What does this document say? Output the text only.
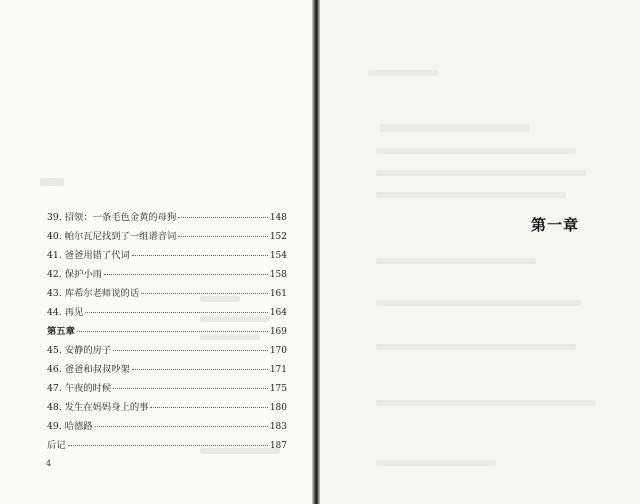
39. 招领：一条毛色金黄的母狗	148
40. 帕尔瓦尼找到了一组谱音词	152
41. 爸爸用错了代词	154
42. 保护小雨	158
43. 库希尔老师说的话	161
44. 再见	164
第五章	169
45. 安静的房子	170
46. 爸爸和叔叔吵架	171
47. 午夜的时候	175
48. 发生在妈妈身上的事	180
49. 哈德路	183
后记	187
4
第一章
